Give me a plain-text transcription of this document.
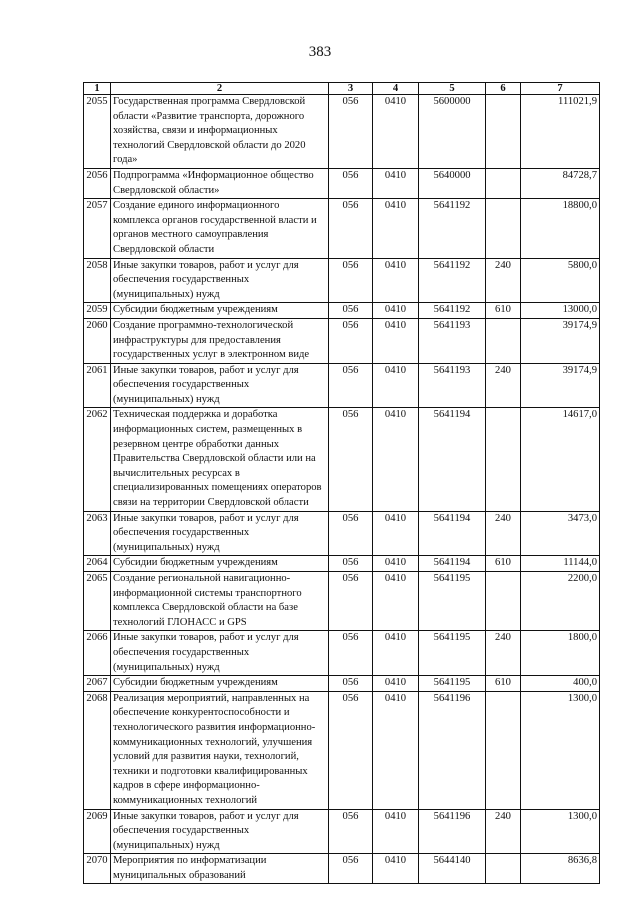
383
1	2	3	4	5	6	7
2055	Государственная программа Свердловской области «Развитие транспорта, дорожного хозяйства, связи и информационных технологий Свердловской области до 2020 года»	056	0410	5600000		111021,9
2056	Подпрограмма «Информационное общество Свердловской области»	056	0410	5640000		84728,7
2057	Создание единого информационного комплекса органов государственной власти и органов местного самоуправления Свердловской области	056	0410	5641192		18800,0
2058	Иные закупки товаров, работ и услуг для обеспечения государственных (муниципальных) нужд	056	0410	5641192	240	5800,0
2059	Субсидии бюджетным учреждениям	056	0410	5641192	610	13000,0
2060	Создание программно-технологической инфраструктуры для предоставления государственных услуг в электронном виде	056	0410	5641193		39174,9
2061	Иные закупки товаров, работ и услуг для обеспечения государственных (муниципальных) нужд	056	0410	5641193	240	39174,9
2062	Техническая поддержка и доработка информационных систем, размещенных в резервном центре обработки данных Правительства Свердловской области или на вычислительных ресурсах в специализированных помещениях операторов связи на территории Свердловской области	056	0410	5641194		14617,0
2063	Иные закупки товаров, работ и услуг для обеспечения государственных (муниципальных) нужд	056	0410	5641194	240	3473,0
2064	Субсидии бюджетным учреждениям	056	0410	5641194	610	11144,0
2065	Создание региональной навигационно-информационной системы транспортного комплекса Свердловской области на базе технологий ГЛОНАСС и GPS	056	0410	5641195		2200,0
2066	Иные закупки товаров, работ и услуг для обеспечения государственных (муниципальных) нужд	056	0410	5641195	240	1800,0
2067	Субсидии бюджетным учреждениям	056	0410	5641195	610	400,0
2068	Реализация мероприятий, направленных на обеспечение конкурентоспособности и технологического развития информационно-коммуникационных технологий, улучшения условий для развития науки, технологий, техники и подготовки квалифицированных кадров в сфере информационно-коммуникационных технологий	056	0410	5641196		1300,0
2069	Иные закупки товаров, работ и услуг для обеспечения государственных (муниципальных) нужд	056	0410	5641196	240	1300,0
2070	Мероприятия по информатизации муниципальных образований	056	0410	5644140		8636,8
